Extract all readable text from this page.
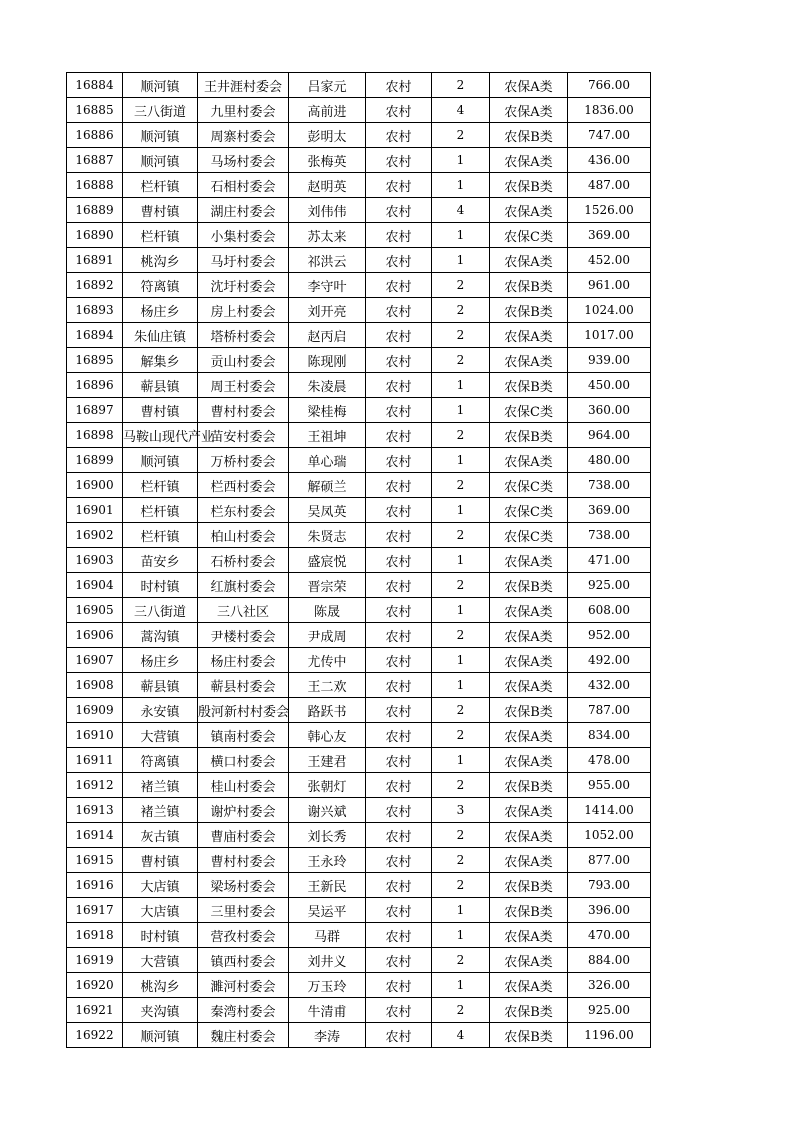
16884	顺河镇	王井涯村委会	吕家元	农村	2	农保A类	766.00
16885	三八街道	九里村委会	高前进	农村	4	农保A类	1836.00
16886	顺河镇	周寨村委会	彭明太	农村	2	农保B类	747.00
16887	顺河镇	马场村委会	张梅英	农村	1	农保A类	436.00
16888	栏杆镇	石相村委会	赵明英	农村	1	农保B类	487.00
16889	曹村镇	湖庄村委会	刘伟伟	农村	4	农保A类	1526.00
16890	栏杆镇	小集村委会	苏太来	农村	1	农保C类	369.00
16891	桃沟乡	马圩村委会	祁洪云	农村	1	农保A类	452.00
16892	符离镇	沈圩村委会	李守叶	农村	2	农保B类	961.00
16893	杨庄乡	房上村委会	刘开亮	农村	2	农保B类	1024.00
16894	朱仙庄镇	塔桥村委会	赵丙启	农村	2	农保A类	1017.00
16895	解集乡	贡山村委会	陈现刚	农村	2	农保A类	939.00
16896	蕲县镇	周王村委会	朱凌晨	农村	1	农保B类	450.00
16897	曹村镇	曹村村委会	梁桂梅	农村	1	农保C类	360.00
16898	马鞍山现代产业	苗安村委会	王祖坤	农村	2	农保B类	964.00
16899	顺河镇	万桥村委会	单心瑞	农村	1	农保A类	480.00
16900	栏杆镇	栏西村委会	解硕兰	农村	2	农保C类	738.00
16901	栏杆镇	栏东村委会	吴凤英	农村	1	农保C类	369.00
16902	栏杆镇	柏山村委会	朱贤志	农村	2	农保C类	738.00
16903	苗安乡	石桥村委会	盛宸悦	农村	1	农保A类	471.00
16904	时村镇	红旗村委会	晋宗荣	农村	2	农保B类	925.00
16905	三八街道	三八社区	陈晟	农村	1	农保A类	608.00
16906	蒿沟镇	尹楼村委会	尹成周	农村	2	农保A类	952.00
16907	杨庄乡	杨庄村委会	尤传中	农村	1	农保A类	492.00
16908	蕲县镇	蕲县村委会	王二欢	农村	1	农保A类	432.00
16909	永安镇	殷河新村村委会	路跃书	农村	2	农保B类	787.00
16910	大营镇	镇南村委会	韩心友	农村	2	农保A类	834.00
16911	符离镇	横口村委会	王建君	农村	1	农保A类	478.00
16912	褚兰镇	桂山村委会	张朝灯	农村	2	农保B类	955.00
16913	褚兰镇	谢炉村委会	谢兴斌	农村	3	农保A类	1414.00
16914	灰古镇	曹庙村委会	刘长秀	农村	2	农保A类	1052.00
16915	曹村镇	曹村村委会	王永玲	农村	2	农保A类	877.00
16916	大店镇	梁场村委会	王新民	农村	2	农保B类	793.00
16917	大店镇	三里村委会	吴运平	农村	1	农保B类	396.00
16918	时村镇	营孜村委会	马群	农村	1	农保A类	470.00
16919	大营镇	镇西村委会	刘井义	农村	2	农保A类	884.00
16920	桃沟乡	濉河村委会	万玉玲	农村	1	农保A类	326.00
16921	夹沟镇	秦湾村委会	牛清甫	农村	2	农保B类	925.00
16922	顺河镇	魏庄村委会	李涛	农村	4	农保B类	1196.00
